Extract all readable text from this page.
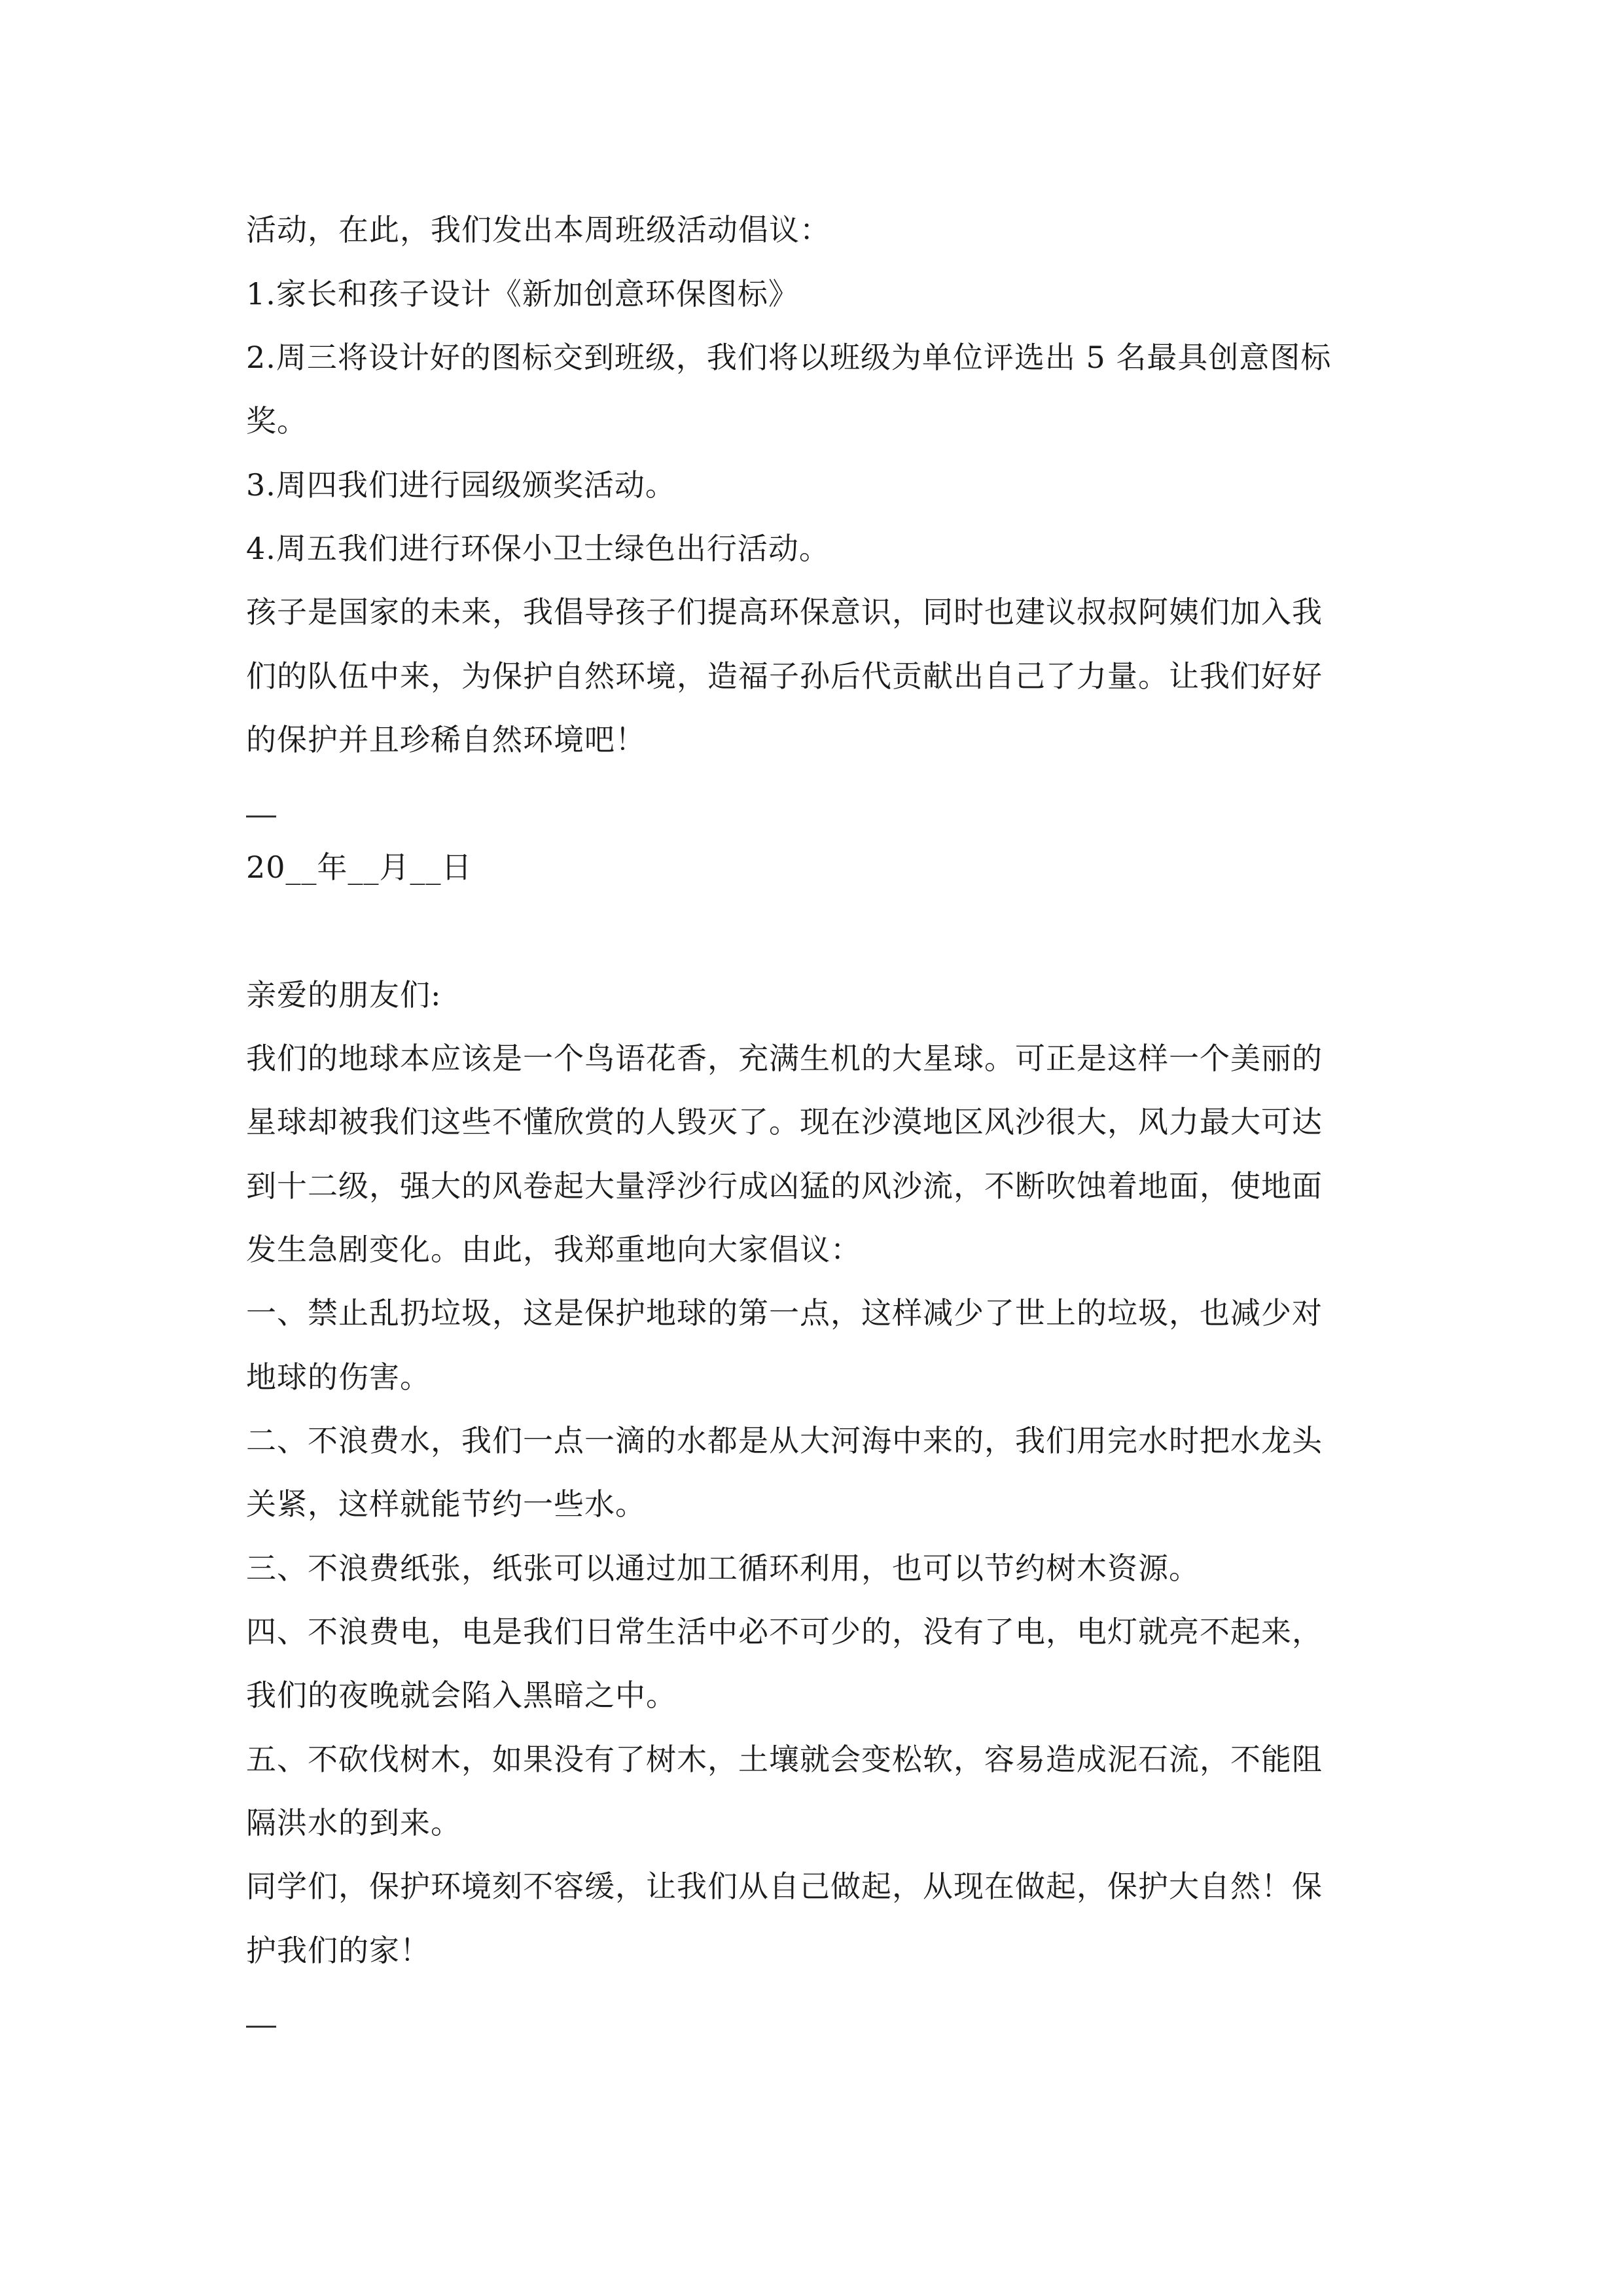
活动，在此，我们发出本周班级活动倡议：
1.家长和孩子设计《新加创意环保图标》
2.周三将设计好的图标交到班级，我们将以班级为单位评选出 5 名最具创意图标
奖。
3.周四我们进行园级颁奖活动。
4.周五我们进行环保小卫士绿色出行活动。
孩子是国家的未来，我倡导孩子们提高环保意识，同时也建议叔叔阿姨们加入我
们的队伍中来，为保护自然环境，造福子孙后代贡献出自己了力量。让我们好好
的保护并且珍稀自然环境吧！
20__年__月__日
亲爱的朋友们:
我们的地球本应该是一个鸟语花香，充满生机的大星球。可正是这样一个美丽的
星球却被我们这些不懂欣赏的人毁灭了。现在沙漠地区风沙很大，风力最大可达
到十二级，强大的风卷起大量浮沙行成凶猛的风沙流，不断吹蚀着地面，使地面
发生急剧变化。由此，我郑重地向大家倡议：
一、禁止乱扔垃圾，这是保护地球的第一点，这样减少了世上的垃圾，也减少对
地球的伤害。
二、不浪费水，我们一点一滴的水都是从大河海中来的，我们用完水时把水龙头
关紧，这样就能节约一些水。
三、不浪费纸张，纸张可以通过加工循环利用，也可以节约树木资源。
四、不浪费电，电是我们日常生活中必不可少的，没有了电，电灯就亮不起来，
我们的夜晚就会陷入黑暗之中。
五、不砍伐树木，如果没有了树木，土壤就会变松软，容易造成泥石流，不能阻
隔洪水的到来。
同学们，保护环境刻不容缓，让我们从自己做起，从现在做起，保护大自然！保
护我们的家！
